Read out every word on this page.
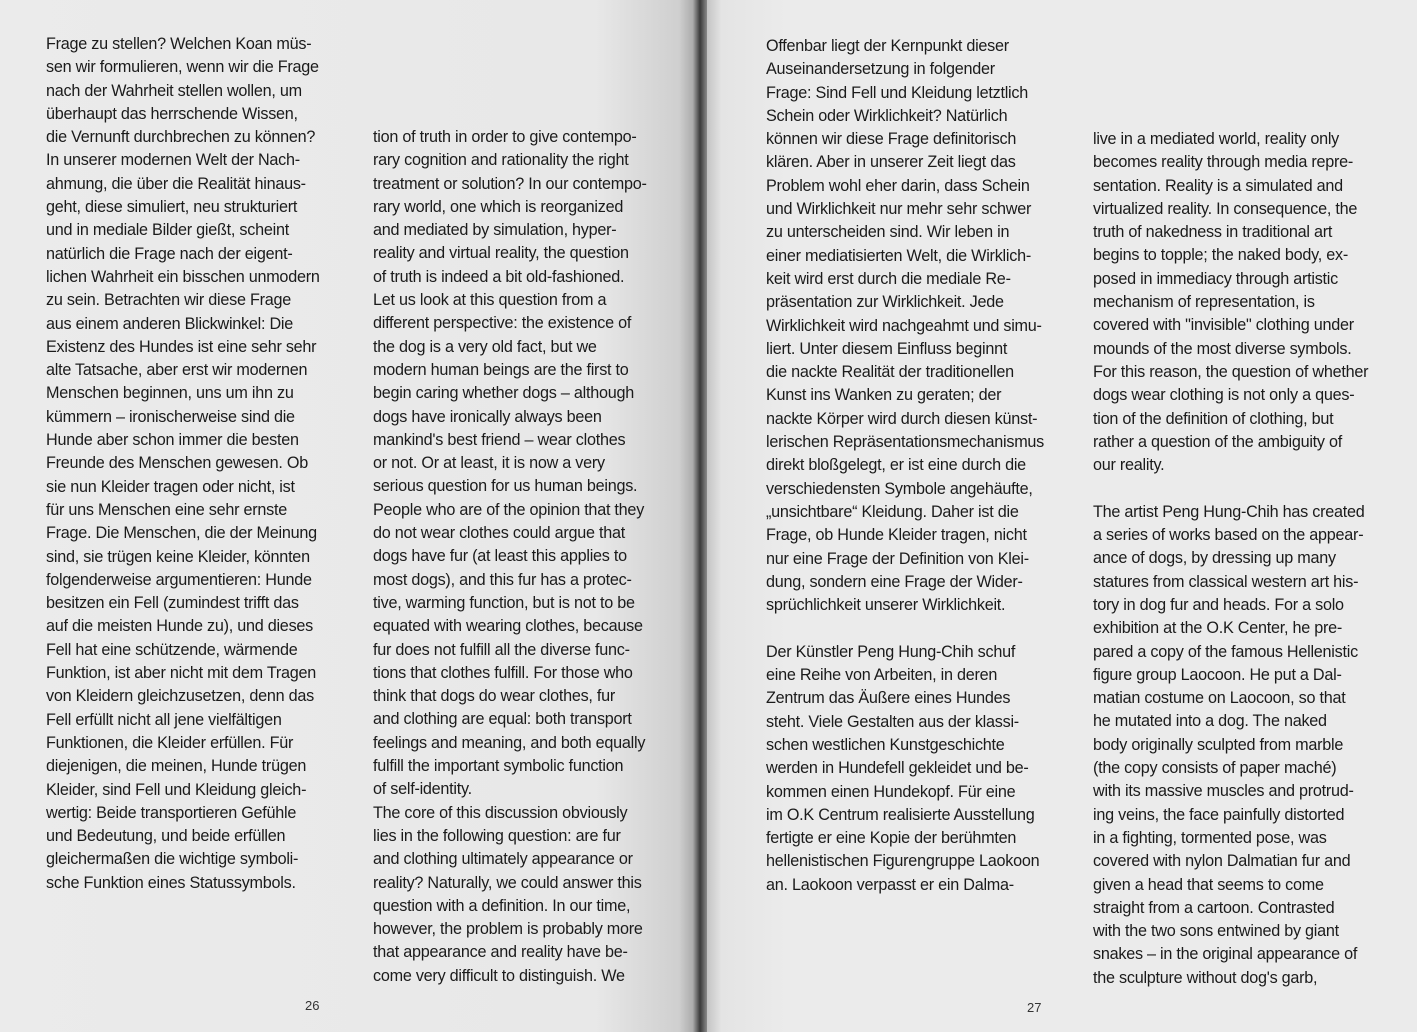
Frage zu stellen? Welchen Koan müs-
sen wir formulieren, wenn wir die Frage
nach der Wahrheit stellen wollen, um
überhaupt das herrschende Wissen,
die Vernunft durchbrechen zu können?
In unserer modernen Welt der Nach-
ahmung, die über die Realität hinaus-
geht, diese simuliert, neu strukturiert
und in mediale Bilder gießt, scheint
natürlich die Frage nach der eigent-
lichen Wahrheit ein bisschen unmodern
zu sein. Betrachten wir diese Frage
aus einem anderen Blickwinkel: Die
Existenz des Hundes ist eine sehr sehr
alte Tatsache, aber erst wir modernen
Menschen beginnen, uns um ihn zu
kümmern – ironischerweise sind die
Hunde aber schon immer die besten
Freunde des Menschen gewesen. Ob
sie nun Kleider tragen oder nicht, ist
für uns Menschen eine sehr ernste
Frage. Die Menschen, die der Meinung
sind, sie trügen keine Kleider, könnten
folgenderweise argumentieren: Hunde
besitzen ein Fell (zumindest trifft das
auf die meisten Hunde zu), und dieses
Fell hat eine schützende, wärmende
Funktion, ist aber nicht mit dem Tragen
von Kleidern gleichzusetzen, denn das
Fell erfüllt nicht all jene vielfältigen
Funktionen, die Kleider erfüllen. Für
diejenigen, die meinen, Hunde trügen
Kleider, sind Fell und Kleidung gleich-
wertig: Beide transportieren Gefühle
und Bedeutung, und beide erfüllen
gleichermaßen die wichtige symboli-
sche Funktion eines Statussymbols.
tion of truth in order to give contempo-
rary cognition and rationality the right
treatment or solution? In our contempo-
rary world, one which is reorganized
and mediated by simulation, hyper-
reality and virtual reality, the question
of truth is indeed a bit old-fashioned.
Let us look at this question from a
different perspective: the existence of
the dog is a very old fact, but we
modern human beings are the first to
begin caring whether dogs – although
dogs have ironically always been
mankind's best friend – wear clothes
or not. Or at least, it is now a very
serious question for us human beings.
People who are of the opinion that they
do not wear clothes could argue that
dogs have fur (at least this applies to
most dogs), and this fur has a protec-
tive, warming function, but is not to be
equated with wearing clothes, because
fur does not fulfill all the diverse func-
tions that clothes fulfill. For those who
think that dogs do wear clothes, fur
and clothing are equal: both transport
feelings and meaning, and both equally
fulfill the important symbolic function
of self-identity.
The core of this discussion obviously
lies in the following question: are fur
and clothing ultimately appearance or
reality? Naturally, we could answer this
question with a definition. In our time,
however, the problem is probably more
that appearance and reality have be-
come very difficult to distinguish. We
26
Offenbar liegt der Kernpunkt dieser
Auseinandersetzung in folgender
Frage: Sind Fell und Kleidung letztlich
Schein oder Wirklichkeit? Natürlich
können wir diese Frage definitorisch
klären. Aber in unserer Zeit liegt das
Problem wohl eher darin, dass Schein
und Wirklichkeit nur mehr sehr schwer
zu unterscheiden sind. Wir leben in
einer mediatisierten Welt, die Wirklich-
keit wird erst durch die mediale Re-
präsentation zur Wirklichkeit. Jede
Wirklichkeit wird nachgeahmt und simu-
liert. Unter diesem Einfluss beginnt
die nackte Realität der traditionellen
Kunst ins Wanken zu geraten; der
nackte Körper wird durch diesen künst-
lerischen Repräsentationsmechanismus
direkt bloßgelegt, er ist eine durch die
verschiedensten Symbole angehäufte,
„unsichtbare“ Kleidung. Daher ist die
Frage, ob Hunde Kleider tragen, nicht
nur eine Frage der Definition von Klei-
dung, sondern eine Frage der Wider-
sprüchlichkeit unserer Wirklichkeit.
Der Künstler Peng Hung-Chih schuf
eine Reihe von Arbeiten, in deren
Zentrum das Äußere eines Hundes
steht. Viele Gestalten aus der klassi-
schen westlichen Kunstgeschichte
werden in Hundefell gekleidet und be-
kommen einen Hundekopf. Für eine
im O.K Centrum realisierte Ausstellung
fertigte er eine Kopie der berühmten
hellenistischen Figurengruppe Laokoon
an. Laokoon verpasst er ein Dalma-
live in a mediated world, reality only
becomes reality through media repre-
sentation. Reality is a simulated and
virtualized reality. In consequence, the
truth of nakedness in traditional art
begins to topple; the naked body, ex-
posed in immediacy through artistic
mechanism of representation, is
covered with "invisible" clothing under
mounds of the most diverse symbols.
For this reason, the question of whether
dogs wear clothing is not only a ques-
tion of the definition of clothing, but
rather a question of the ambiguity of
our reality.
The artist Peng Hung-Chih has created
a series of works based on the appear-
ance of dogs, by dressing up many
statures from classical western art his-
tory in dog fur and heads. For a solo
exhibition at the O.K Center, he pre-
pared a copy of the famous Hellenistic
figure group Laocoon. He put a Dal-
matian costume on Laocoon, so that
he mutated into a dog. The naked
body originally sculpted from marble
(the copy consists of paper maché)
with its massive muscles and protrud-
ing veins, the face painfully distorted
in a fighting, tormented pose, was
covered with nylon Dalmatian fur and
given a head that seems to come
straight from a cartoon. Contrasted
with the two sons entwined by giant
snakes – in the original appearance of
the sculpture without dog's garb,
27
